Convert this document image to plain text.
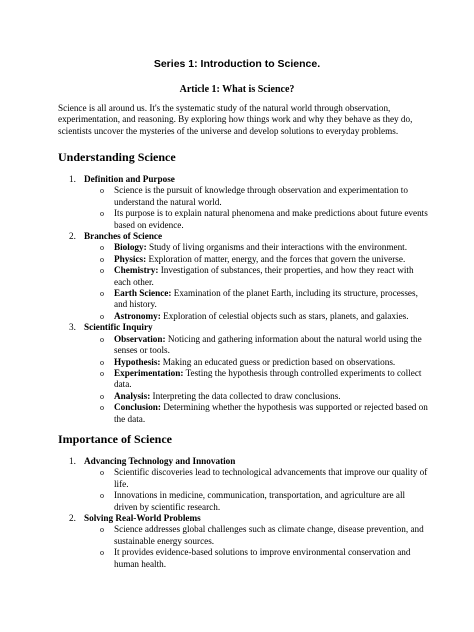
Series 1: Introduction to Science.
Article 1: What is Science?
Science is all around us. It's the systematic study of the natural world through observation, experimentation, and reasoning. By exploring how things work and why they behave as they do, scientists uncover the mysteries of the universe and develop solutions to everyday problems.
Understanding Science
1. Definition and Purpose
o Science is the pursuit of knowledge through observation and experimentation to understand the natural world.
o Its purpose is to explain natural phenomena and make predictions about future events based on evidence.
2. Branches of Science
o Biology: Study of living organisms and their interactions with the environment.
o Physics: Exploration of matter, energy, and the forces that govern the universe.
o Chemistry: Investigation of substances, their properties, and how they react with each other.
o Earth Science: Examination of the planet Earth, including its structure, processes, and history.
o Astronomy: Exploration of celestial objects such as stars, planets, and galaxies.
3. Scientific Inquiry
o Observation: Noticing and gathering information about the natural world using the senses or tools.
o Hypothesis: Making an educated guess or prediction based on observations.
o Experimentation: Testing the hypothesis through controlled experiments to collect data.
o Analysis: Interpreting the data collected to draw conclusions.
o Conclusion: Determining whether the hypothesis was supported or rejected based on the data.
Importance of Science
1. Advancing Technology and Innovation
o Scientific discoveries lead to technological advancements that improve our quality of life.
o Innovations in medicine, communication, transportation, and agriculture are all driven by scientific research.
2. Solving Real-World Problems
o Science addresses global challenges such as climate change, disease prevention, and sustainable energy sources.
o It provides evidence-based solutions to improve environmental conservation and human health.
